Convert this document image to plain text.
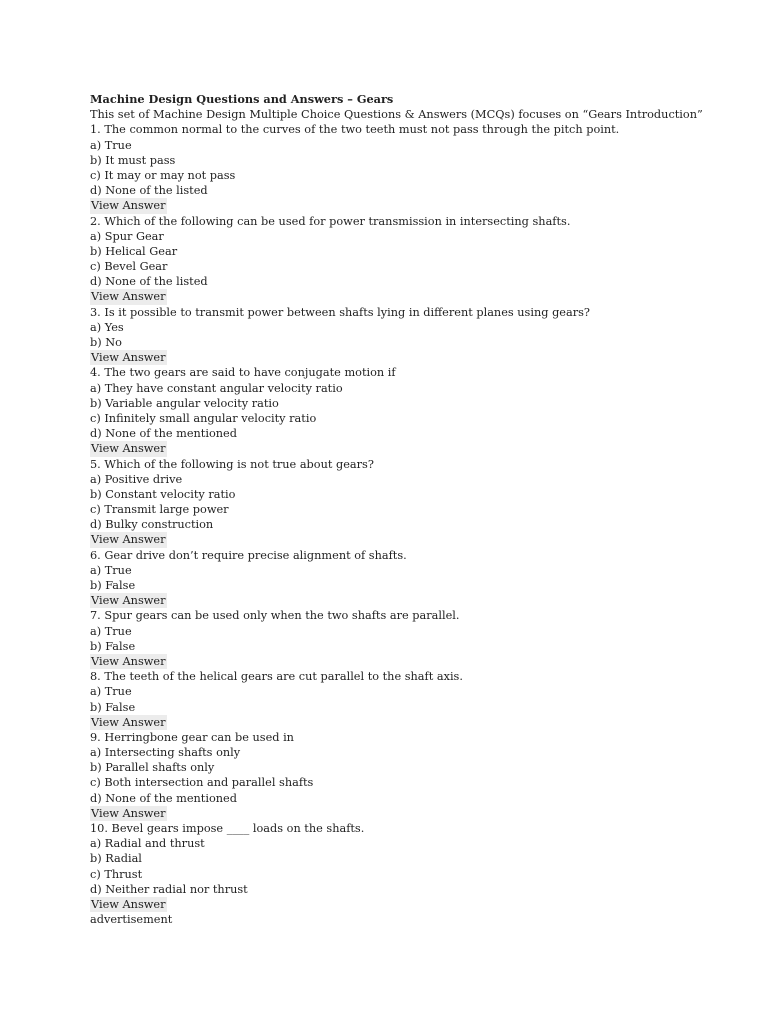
Machine Design Questions and Answers – Gears
This set of Machine Design Multiple Choice Questions & Answers (MCQs) focuses on “Gears Introduction”
1. The common normal to the curves of the two teeth must not pass through the pitch point.
a) True
b) It must pass
c) It may or may not pass
d) None of the listed
View Answer
2. Which of the following can be used for power transmission in intersecting shafts.
a) Spur Gear
b) Helical Gear
c) Bevel Gear
d) None of the listed
View Answer
3. Is it possible to transmit power between shafts lying in different planes using gears?
a) Yes
b) No
View Answer
4. The two gears are said to have conjugate motion if
a) They have constant angular velocity ratio
b) Variable angular velocity ratio
c) Infinitely small angular velocity ratio
d) None of the mentioned
View Answer
5. Which of the following is not true about gears?
a) Positive drive
b) Constant velocity ratio
c) Transmit large power
d) Bulky construction
View Answer
6. Gear drive don’t require precise alignment of shafts.
a) True
b) False
View Answer
7. Spur gears can be used only when the two shafts are parallel.
a) True
b) False
View Answer
8. The teeth of the helical gears are cut parallel to the shaft axis.
a) True
b) False
View Answer
9. Herringbone gear can be used in
a) Intersecting shafts only
b) Parallel shafts only
c) Both intersection and parallel shafts
d) None of the mentioned
View Answer
10. Bevel gears impose ____ loads on the shafts.
a) Radial and thrust
b) Radial
c) Thrust
d) Neither radial nor thrust
View Answer
advertisement
